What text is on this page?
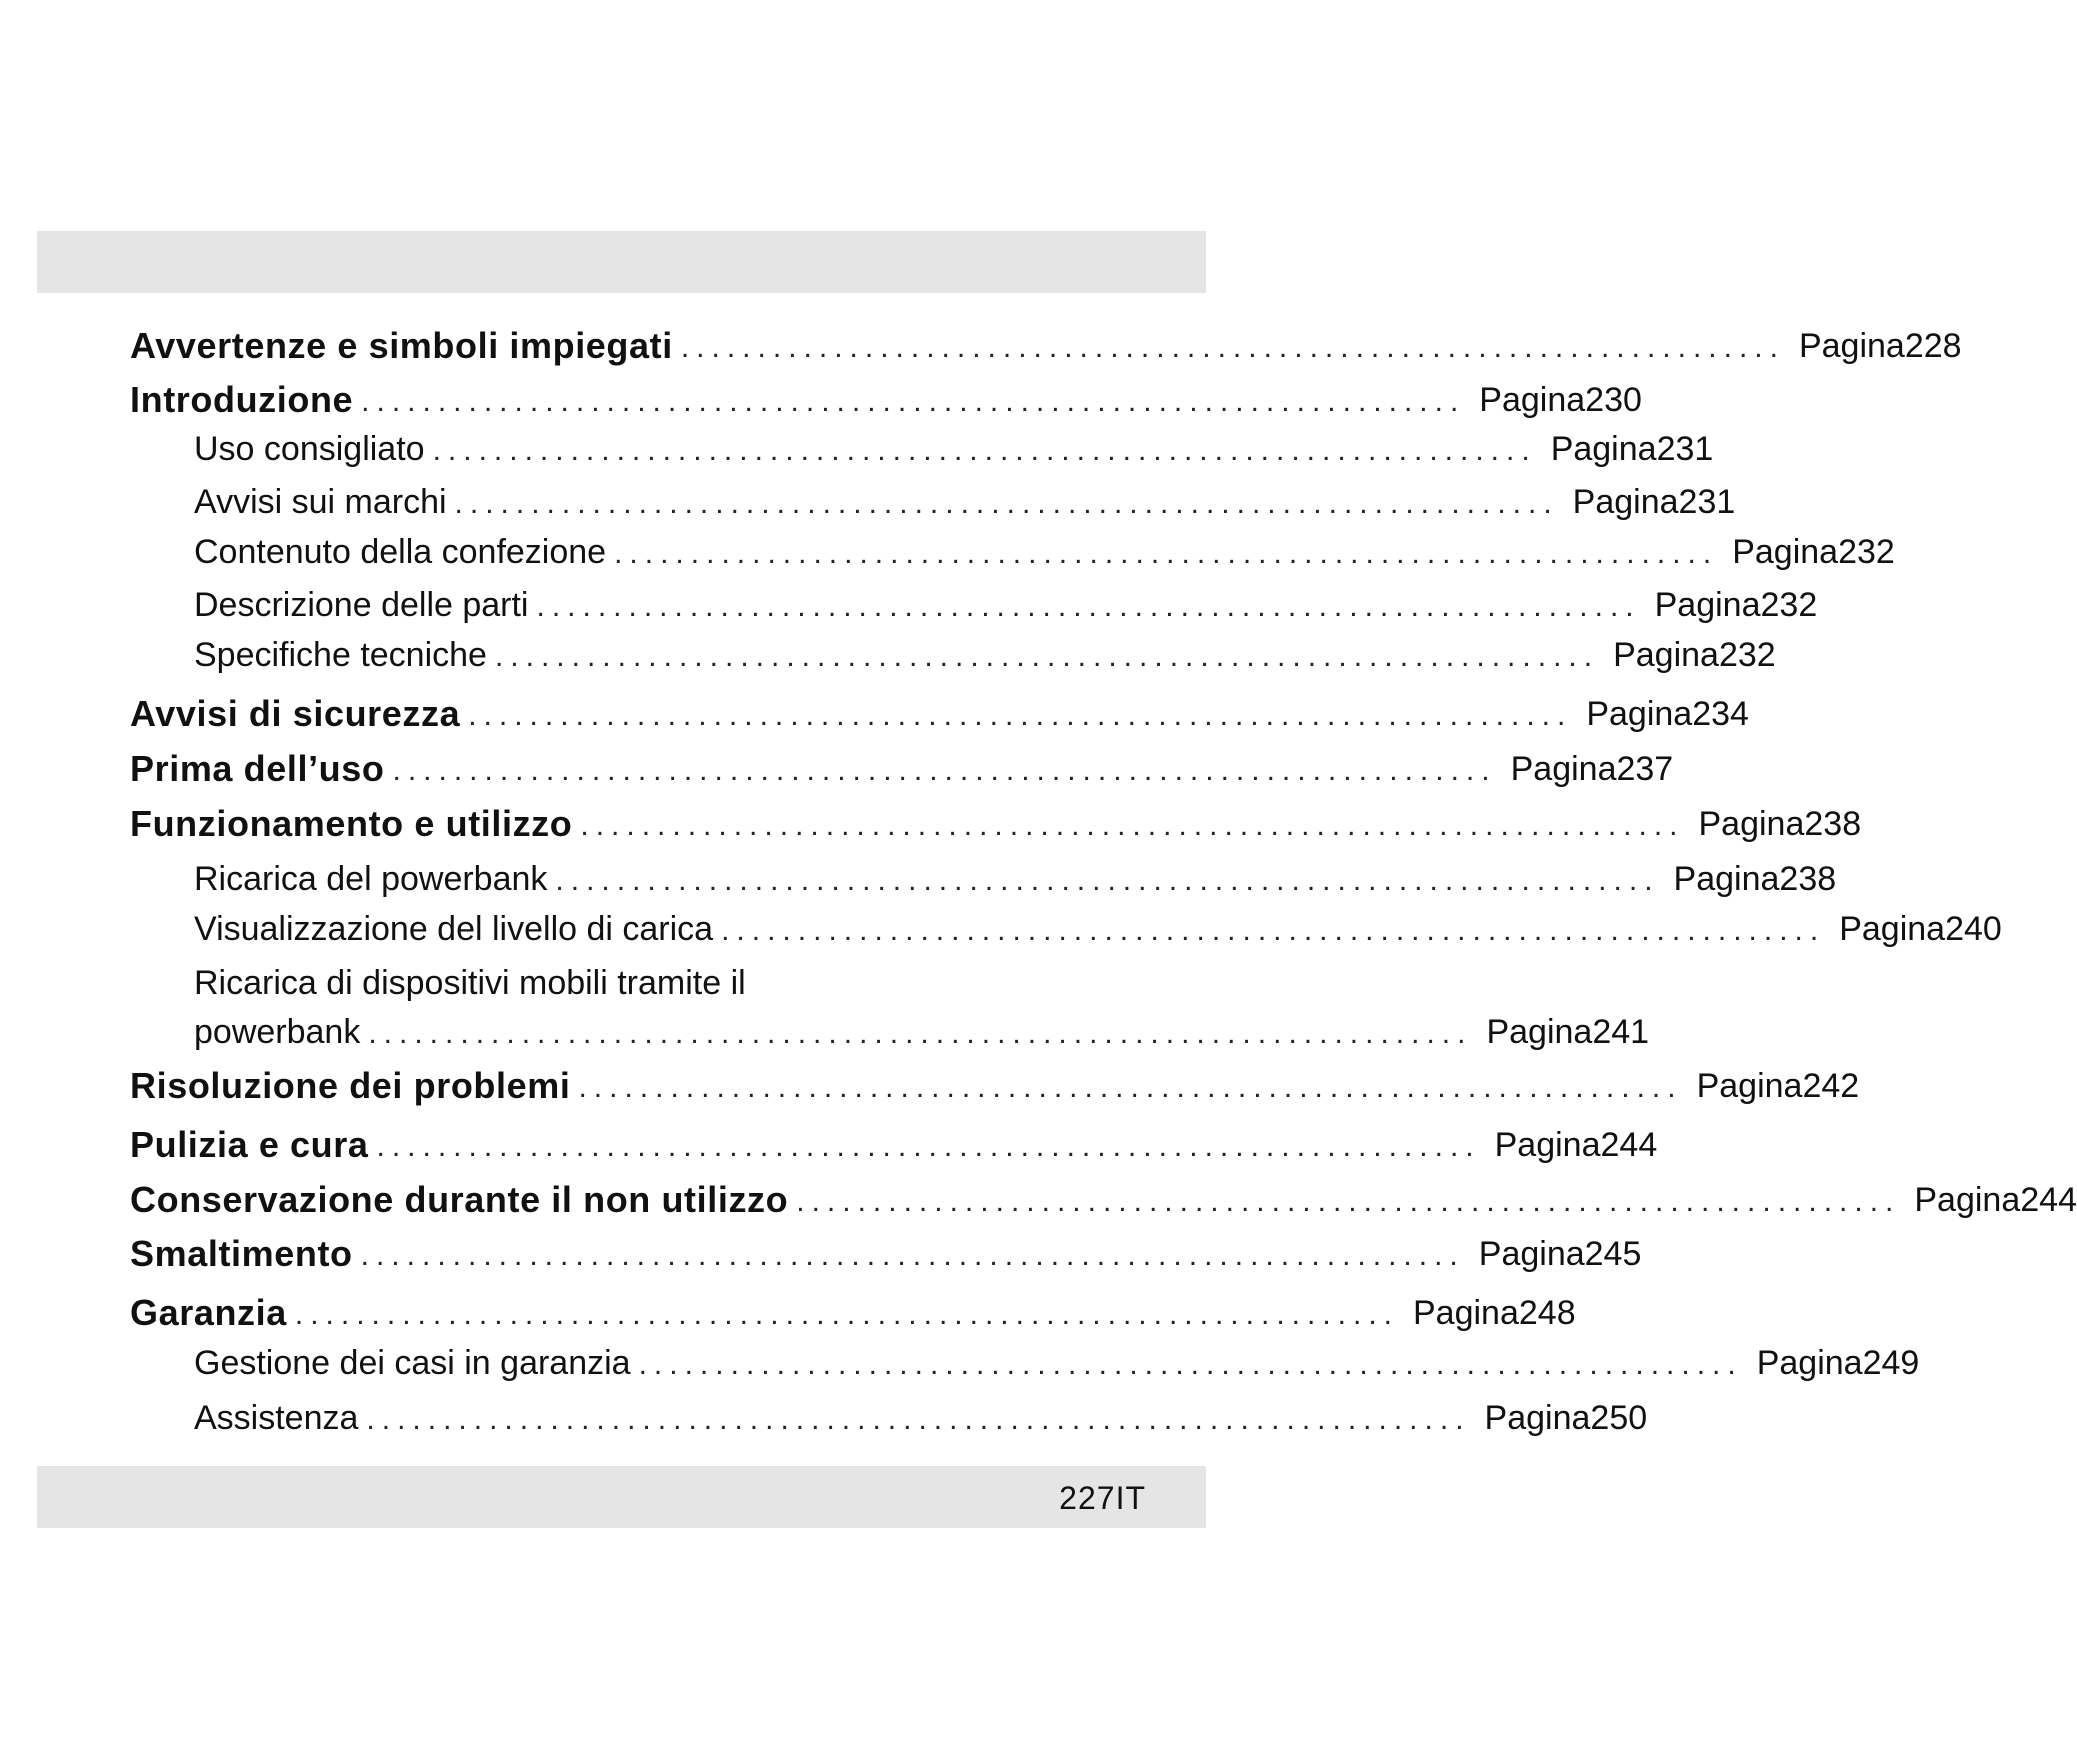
Avvertenze e simboli impiegati ........................................................................ Pagina 228
Introduzione ........................................................................ Pagina 230
Uso consigliato ........................................................................ Pagina 231
Avvisi sui marchi ........................................................................ Pagina 231
Contenuto della confezione ........................................................................ Pagina 232
Descrizione delle parti ........................................................................ Pagina 232
Specifiche tecniche ........................................................................ Pagina 232
Avvisi di sicurezza ........................................................................ Pagina 234
Prima dell’uso ........................................................................ Pagina 237
Funzionamento e utilizzo ........................................................................ Pagina 238
Ricarica del powerbank ........................................................................ Pagina 238
Visualizzazione del livello di carica ........................................................................ Pagina 240
Ricarica di dispositivi mobili tramite il
powerbank ........................................................................ Pagina 241
Risoluzione dei problemi ........................................................................ Pagina 242
Pulizia e cura ........................................................................ Pagina 244
Conservazione durante il non utilizzo ........................................................................ Pagina 244
Smaltimento ........................................................................ Pagina 245
Garanzia ........................................................................ Pagina 248
Gestione dei casi in garanzia ........................................................................ Pagina 249
Assistenza ........................................................................ Pagina 250
227IT
